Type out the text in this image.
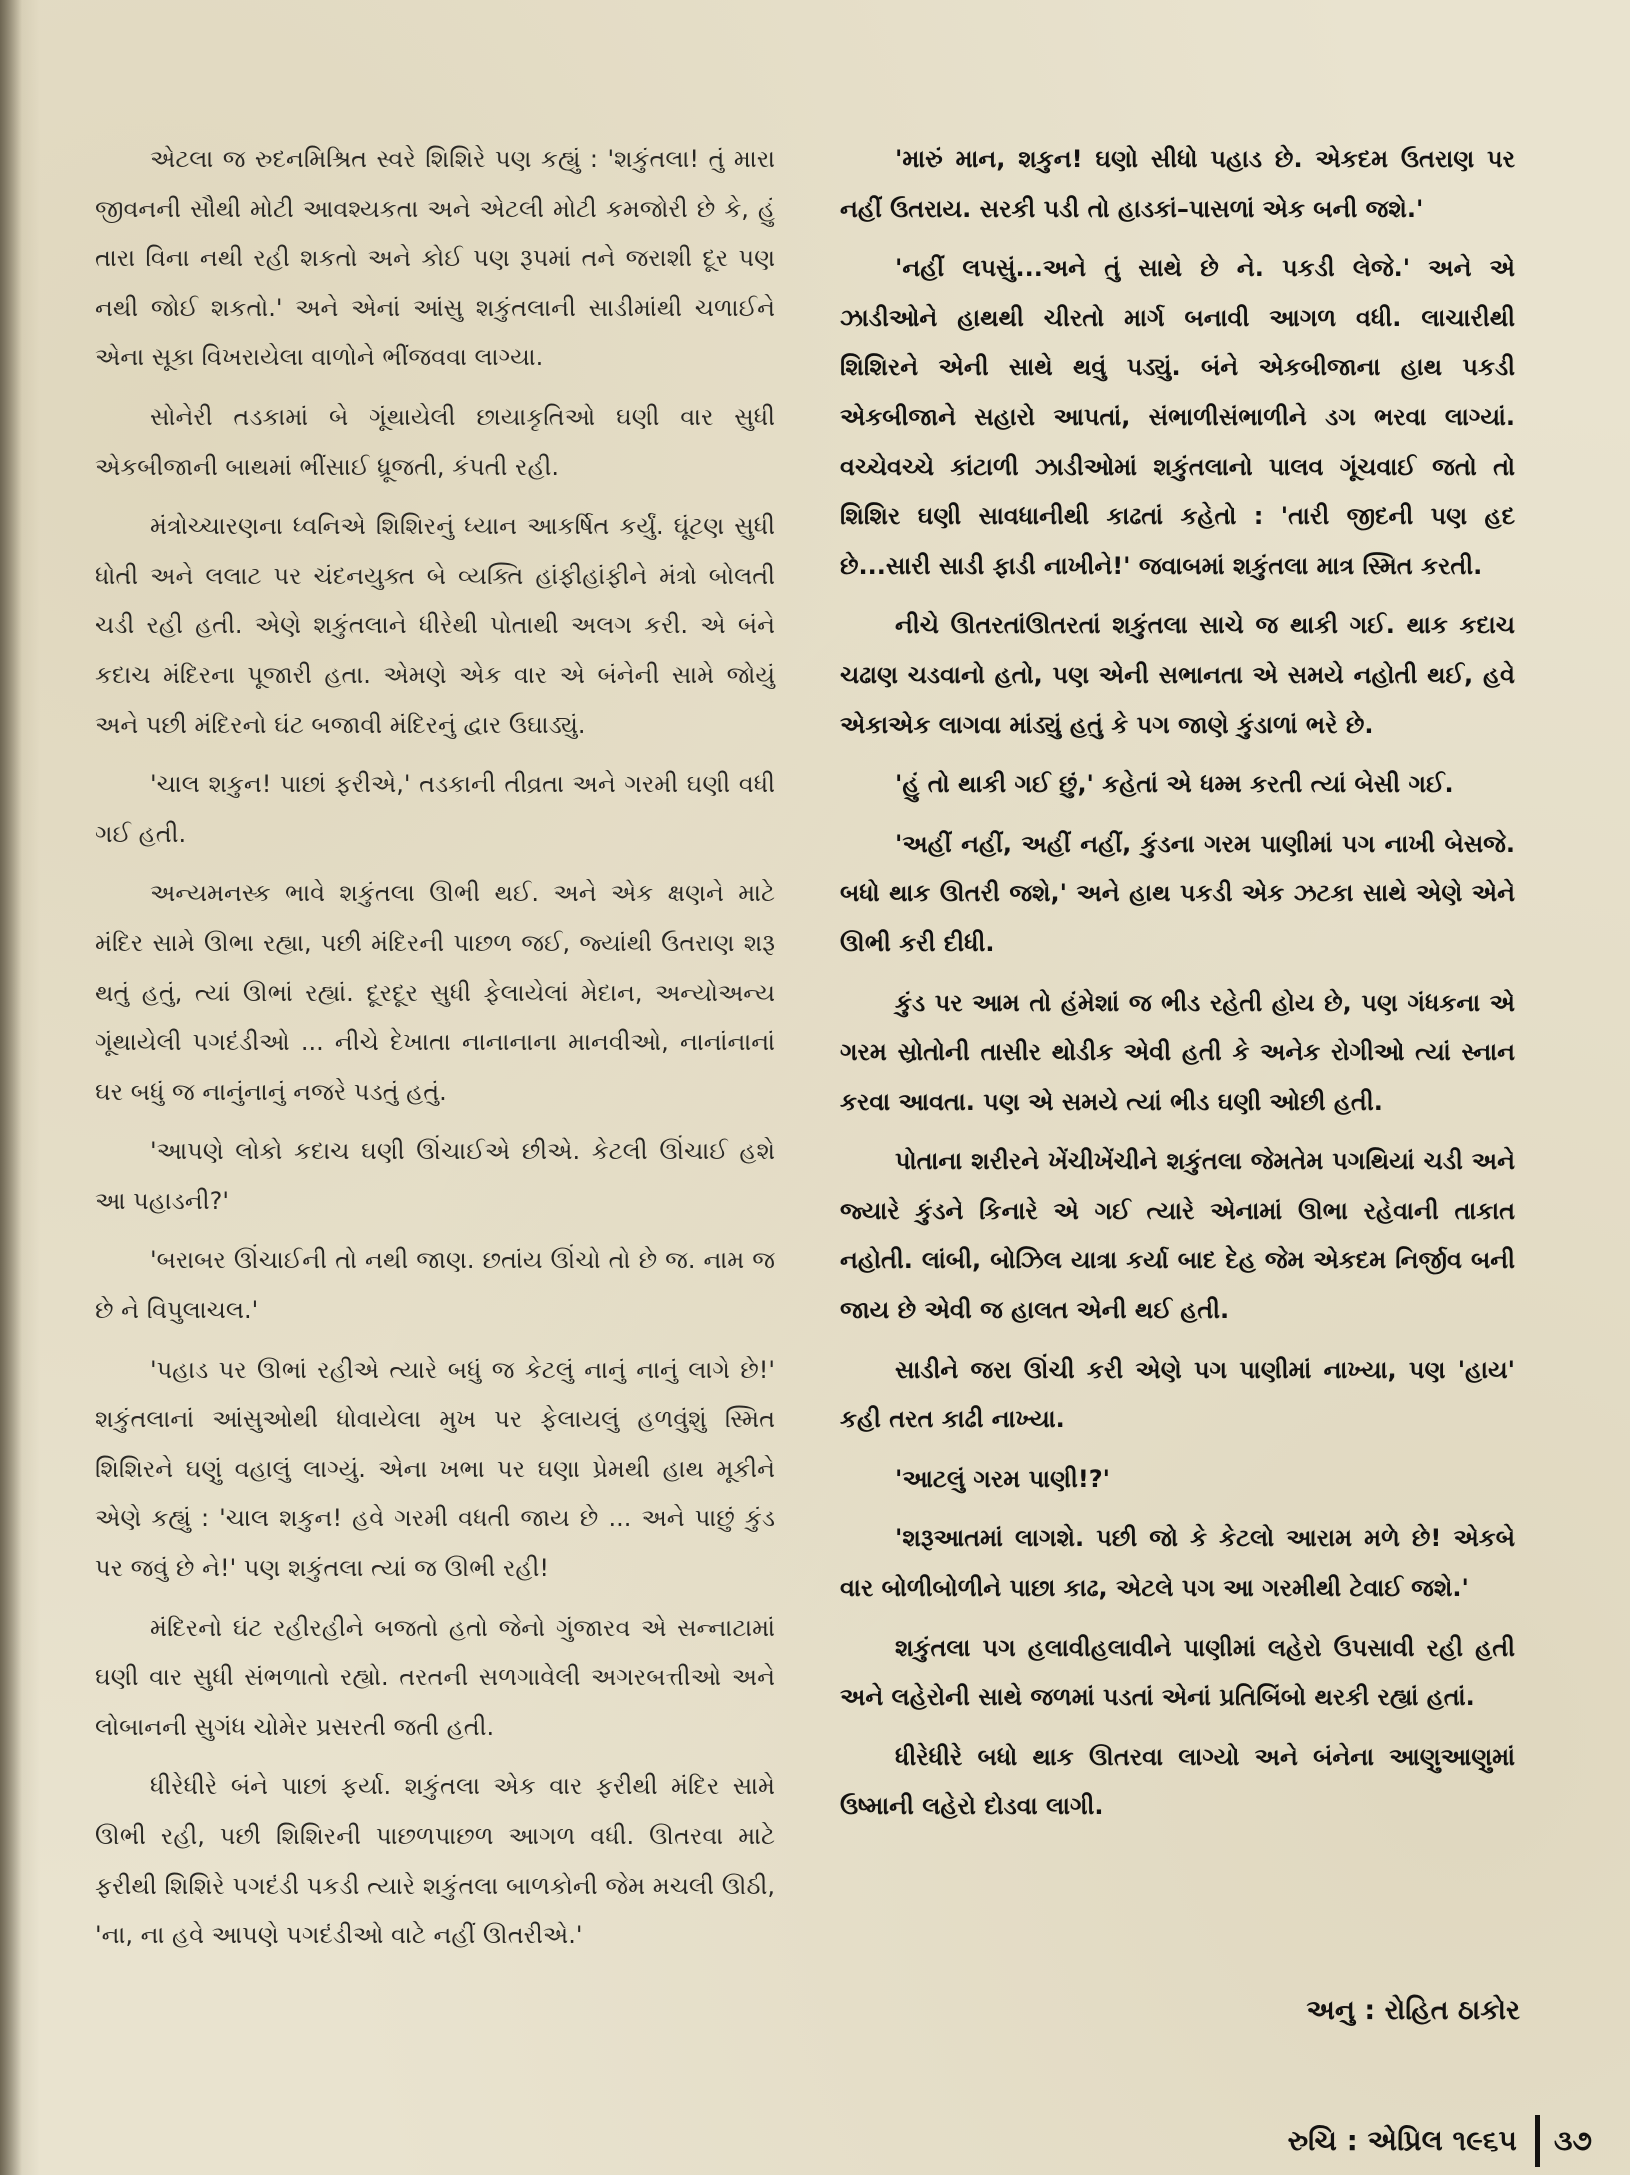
એટલા જ રુદનમિશ્રિત સ્વરે શિશિરે પણ કહ્યું : 'શકુંતલા! તું મારા જીવનની સૌથી મોટી આવશ્યકતા અને એટલી મોટી કમજોરી છે કે, હું તારા વિના નથી રહી શકતો અને કોઈ પણ રૂપમાં તને જરાશી દૂર પણ નથી જોઈ શકતો.' અને એનાં આંસુ શકુંતલાની સાડીમાંથી ચળાઈને એના સૂકા વિખરાયેલા વાળોને ભીંજવવા લાગ્યા.

સોનેરી તડકામાં બે ગૂંથાયેલી છાયાકૃતિઓ ઘણી વાર સુધી એકબીજાની બાથમાં ભીંસાઈ ધ્રૂજતી, કંપતી રહી.

મંત્રોચ્ચારણના ધ્વનિએ શિશિરનું ધ્યાન આકર્ષિત કર્યું. ઘૂંટણ સુધી ધોતી અને લલાટ પર ચંદનયુક્ત બે વ્યક્તિ હાંફીહાંફીને મંત્રો બોલતી ચડી રહી હતી. એણે શકુંતલાને ધીરેથી પોતાથી અલગ કરી. એ બંને કદાચ મંદિરના પૂજારી હતા. એમણે એક વાર એ બંનેની સામે જોયું અને પછી મંદિરનો ઘંટ બજાવી મંદિરનું દ્વાર ઉઘાડ્યું.

'ચાલ શકુન! પાછાં ફરીએ,' તડકાની તીવ્રતા અને ગરમી ઘણી વધી ગઈ હતી.

અન્યમનસ્ક ભાવે શકુંતલા ઊભી થઈ. અને એક ક્ષણને માટે મંદિર સામે ઊભા રહ્યા, પછી મંદિરની પાછળ જઈ, જ્યાંથી ઉતરાણ શરૂ થતું હતું, ત્યાં ઊભાં રહ્યાં. દૂરદૂર સુધી ફેલાયેલાં મેદાન, અન્યોઅન્ય ગૂંથાયેલી પગદંડીઓ ... નીચે દેખાતા નાનાનાના માનવીઓ, નાનાંનાનાં ઘર બધું જ નાનુંનાનું નજરે પડતું હતું.

'આપણે લોકો કદાચ ઘણી ઊંચાઈએ છીએ. કેટલી ઊંચાઈ હશે આ પહાડની?'

'બરાબર ઊંચાઈની તો નથી જાણ. છતાંય ઊંચો તો છે જ. નામ જ છે ને વિપુલાચલ.'

'પહાડ પર ઊભાં રહીએ ત્યારે બધું જ કેટલું નાનું નાનું લાગે છે!' શકુંતલાનાં આંસુઓથી ધોવાયેલા મુખ પર ફેલાયલું હળવુંશું સ્મિત શિશિરને ઘણું વહાલું લાગ્યું. એના ખભા પર ઘણા પ્રેમથી હાથ મૂકીને એણે કહ્યું : 'ચાલ શકુન! હવે ગરમી વધતી જાય છે ... અને પાછું કુંડ પર જવું છે ને!' પણ શકુંતલા ત્યાં જ ઊભી રહી!

મંદિરનો ઘંટ રહીરહીને બજતો હતો જેનો ગુંજારવ એ સન્નાટામાં ઘણી વાર સુધી સંભળાતો રહ્યો. તરતની સળગાવેલી અગરબત્તીઓ અને લોબાનની સુગંધ ચોમેર પ્રસરતી જતી હતી.

ધીરેધીરે બંને પાછાં ફર્યા. શકુંતલા એક વાર ફરીથી મંદિર સામે ઊભી રહી, પછી શિશિરની પાછળપાછળ આગળ વધી. ઊતરવા માટે ફરીથી શિશિરે પગદંડી પકડી ત્યારે શકુંતલા બાળકોની જેમ મચલી ઊઠી, 'ના, ના હવે આપણે પગદંડીઓ વાટે નહીં ઊતરીએ.'

'મારું માન, શકુન! ઘણો સીધો પહાડ છે. એકદમ ઉતરાણ પર નહીં ઉતરાય. સરકી પડી તો હાડકાં–પાસળાં એક બની જશે.'

'નહીં લપસું...અને તું સાથે છે ને. પકડી લેજે.' અને એ ઝાડીઓને હાથથી ચીરતો માર્ગ બનાવી આગળ વધી. લાચારીથી શિશિરને એની સાથે થવું પડ્યું. બંને એકબીજાના હાથ પકડી એકબીજાને સહારો આપતાં, સંભાળીસંભાળીને ડગ ભરવા લાગ્યાં. વચ્ચેવચ્ચે કાંટાળી ઝાડીઓમાં શકુંતલાનો પાલવ ગૂંચવાઈ જતો તો શિશિર ઘણી સાવધાનીથી કાઢતાં કહેતો : 'તારી જીદની પણ હદ છે...સારી સાડી ફાડી નાખીને!' જવાબમાં શકુંતલા માત્ર સ્મિત કરતી.

નીચે ઊતરતાંઊતરતાં શકુંતલા સાચે જ થાકી ગઈ. થાક કદાચ ચઢાણ ચડવાનો હતો, પણ એની સભાનતા એ સમયે નહોતી થઈ, હવે એકાએક લાગવા માંડ્યું હતું કે પગ જાણે કુંડાળાં ભરે છે.

'હું તો થાકી ગઈ છું,' કહેતાં એ ધમ્મ કરતી ત્યાં બેસી ગઈ.

'અહીં નહીં, અહીં નહીં, કુંડના ગરમ પાણીમાં પગ નાખી બેસજે. બધો થાક ઊતરી જશે,' અને હાથ પકડી એક ઝટકા સાથે એણે એને ઊભી કરી દીધી.

કુંડ પર આમ તો હંમેશાં જ ભીડ રહેતી હોય છે, પણ ગંધકના એ ગરમ સ્રોતોની તાસીર થોડીક એવી હતી કે અનેક રોગીઓ ત્યાં સ્નાન કરવા આવતા. પણ એ સમયે ત્યાં ભીડ ઘણી ઓછી હતી.

પોતાના શરીરને ખેંચીખેંચીને શકુંતલા જેમતેમ પગથિયાં ચડી અને જ્યારે કુંડને કિનારે એ ગઈ ત્યારે એનામાં ઊભા રહેવાની તાકાત નહોતી. લાંબી, બોઝિલ યાત્રા કર્યા બાદ દેહ જેમ એકદમ નિર્જીવ બની જાય છે એવી જ હાલત એની થઈ હતી.

સાડીને જરા ઊંચી કરી એણે પગ પાણીમાં નાખ્યા, પણ 'હાય' કહી તરત કાઢી નાખ્યા.

'આટલું ગરમ પાણી!?'

'શરૂઆતમાં લાગશે. પછી જો કે કેટલો આરામ મળે છે! એકબે વાર બોળીબોળીને પાછા કાઢ, એટલે પગ આ ગરમીથી ટેવાઈ જશે.'

શકુંતલા પગ હલાવીહલાવીને પાણીમાં લહેરો ઉપસાવી રહી હતી અને લહેરોની સાથે જળમાં પડતાં એનાં પ્રતિબિંબો થરકી રહ્યાં હતાં.

ધીરેધીરે બધો થાક ઊતરવા લાગ્યો અને બંનેના આણુઆણુમાં ઉષ્માની લહેરો દોડવા લાગી.

અનુ : રોહિત ઠાકોર
રુચિ : એપ્રિલ ૧૯૬૫	૩૭
